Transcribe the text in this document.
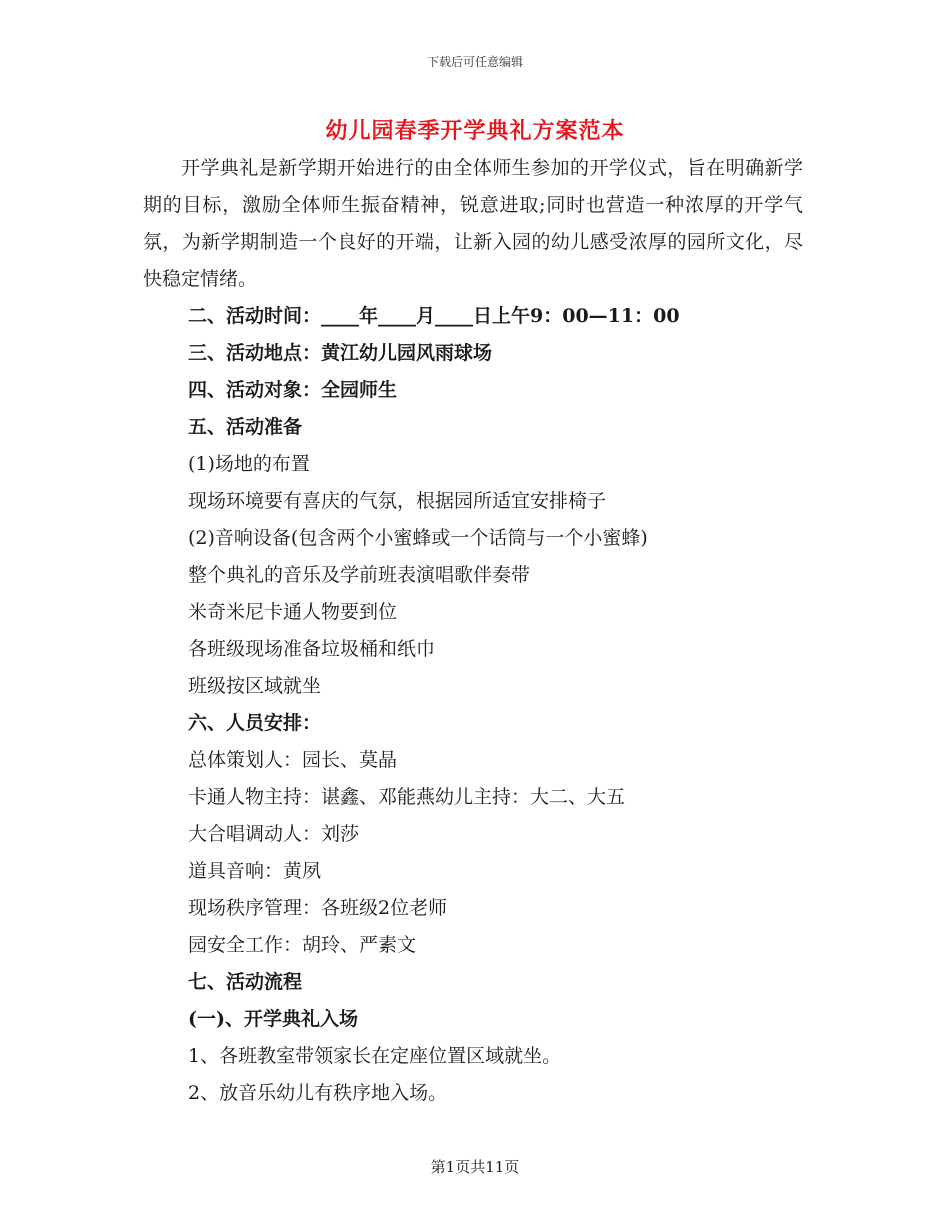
下载后可任意编辑
幼儿园春季开学典礼方案范本
开学典礼是新学期开始进行的由全体师生参加的开学仪式，旨在明确新学期的目标，激励全体师生振奋精神，锐意进取;同时也营造一种浓厚的开学气氛，为新学期制造一个良好的开端，让新入园的幼儿感受浓厚的园所文化，尽快稳定情绪。
二、活动时间：____年____月____日上午9：00—11：00
三、活动地点：黄江幼儿园风雨球场
四、活动对象：全园师生
五、活动准备
(1)场地的布置
现场环境要有喜庆的气氛，根据园所适宜安排椅子
(2)音响设备(包含两个小蜜蜂或一个话筒与一个小蜜蜂)
整个典礼的音乐及学前班表演唱歌伴奏带
米奇米尼卡通人物要到位
各班级现场准备垃圾桶和纸巾
班级按区域就坐
六、人员安排：
总体策划人：园长、莫晶
卡通人物主持：谌鑫、邓能燕幼儿主持：大二、大五
大合唱调动人：刘莎
道具音响：黄夙
现场秩序管理：各班级2位老师
园安全工作：胡玲、严素文
七、活动流程
(一)、开学典礼入场
1、各班教室带领家长在定座位置区域就坐。
2、放音乐幼儿有秩序地入场。
第1页共11页
